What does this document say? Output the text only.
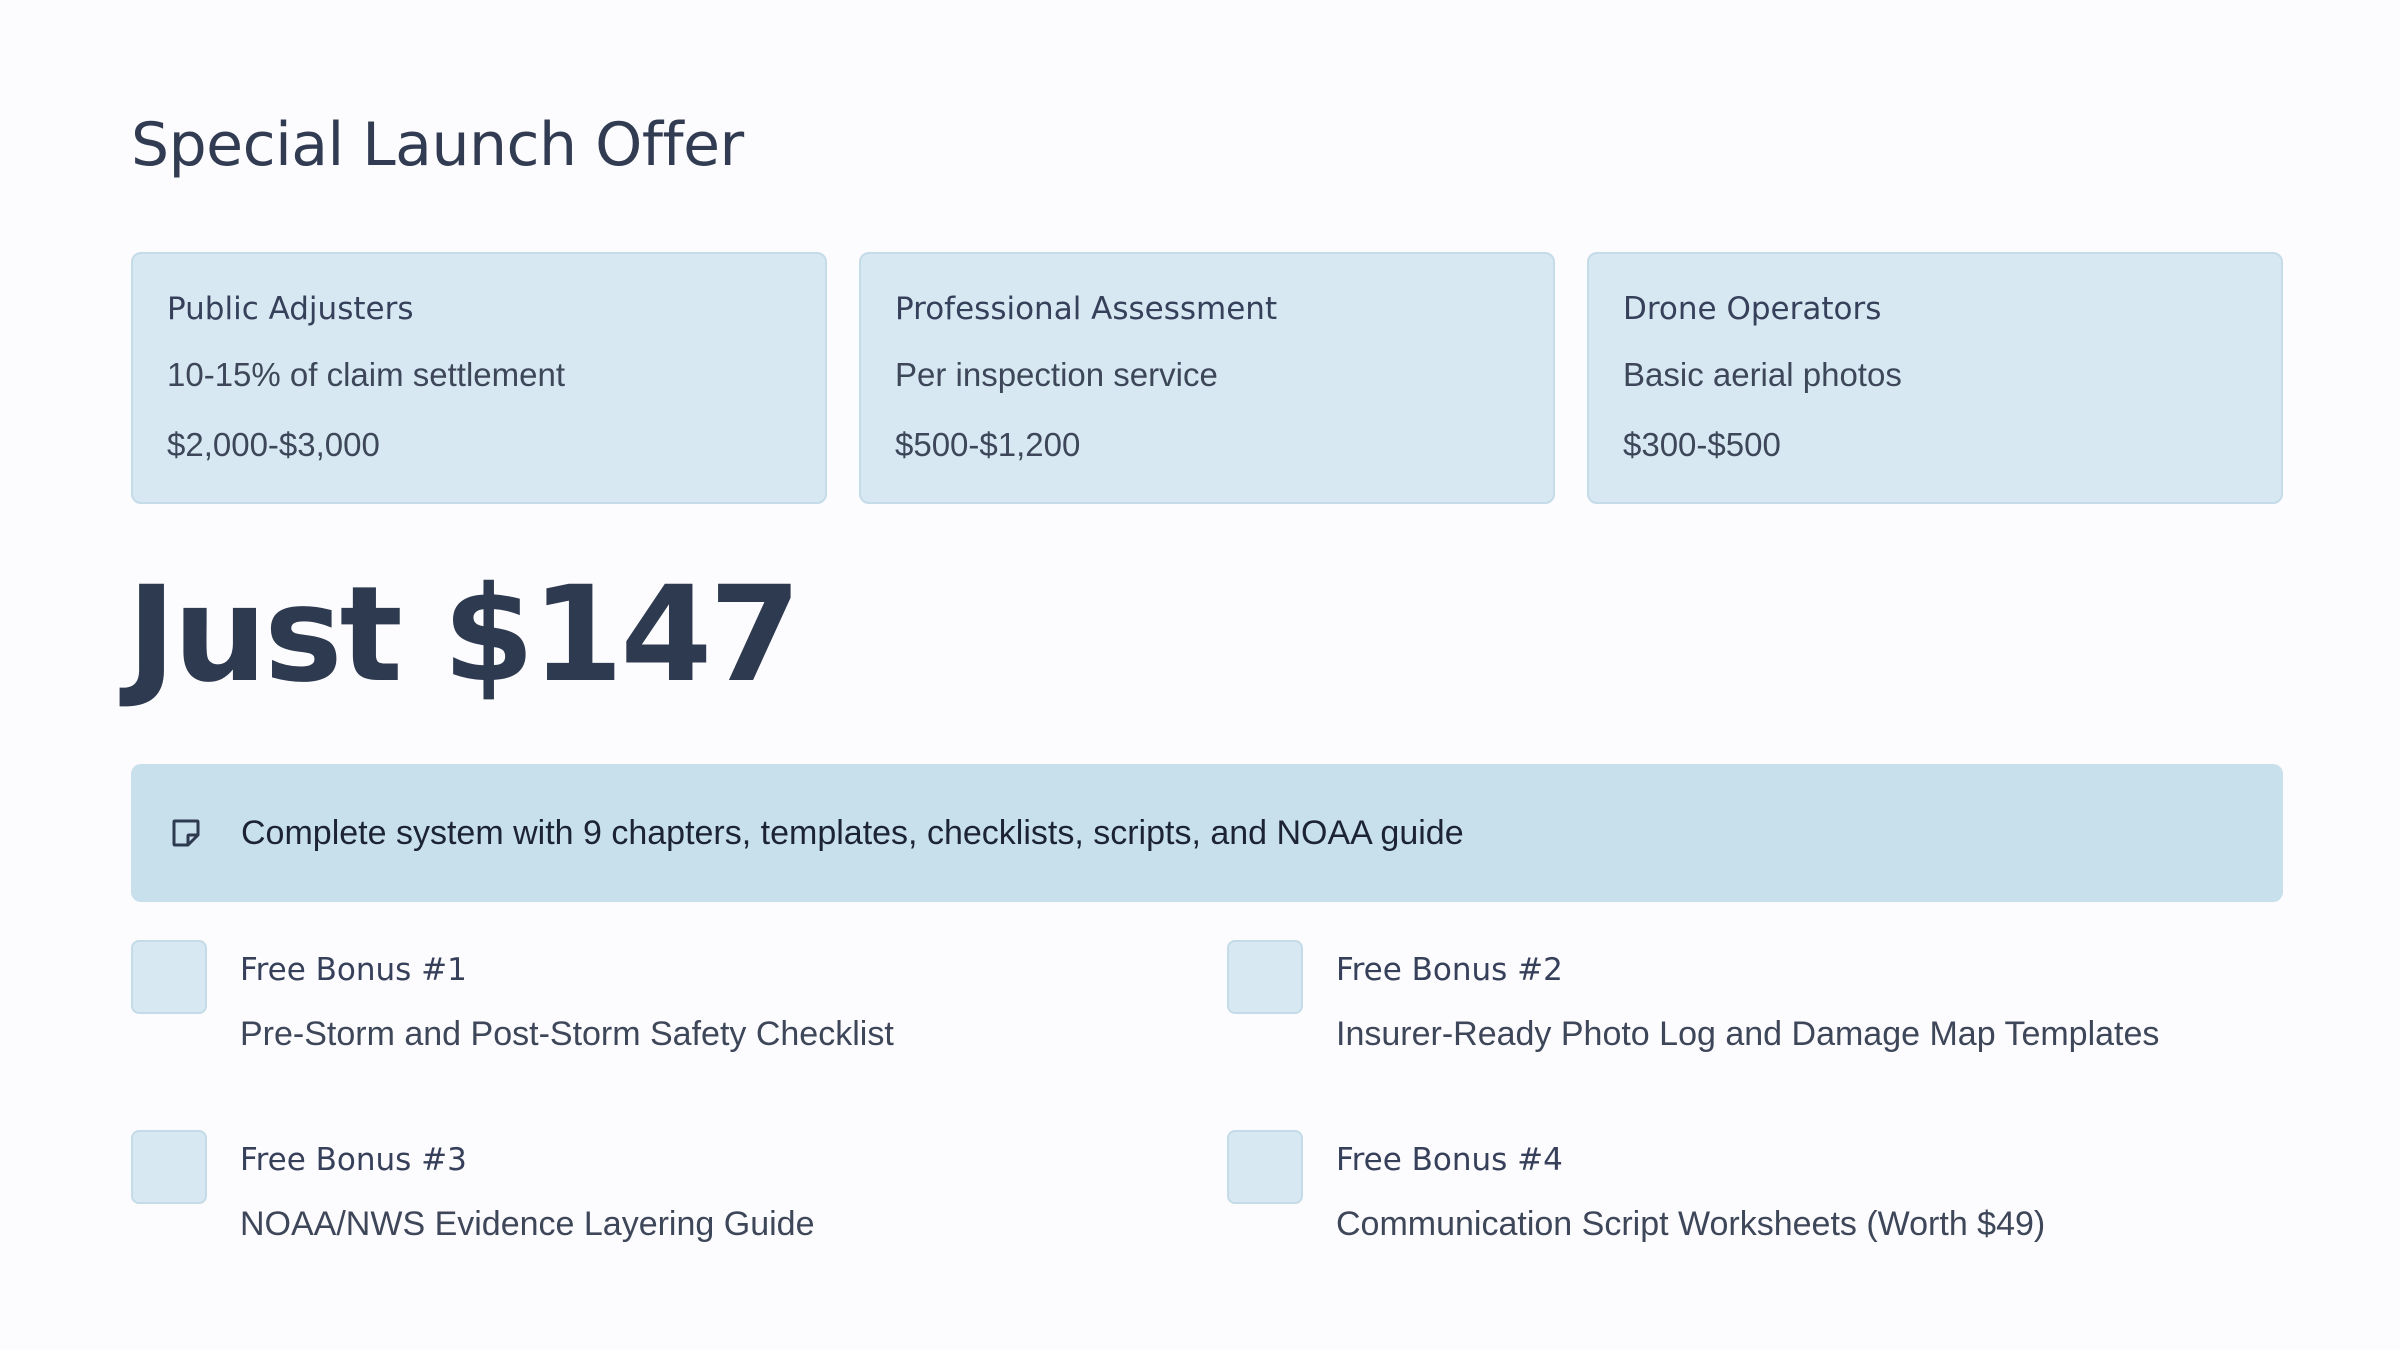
Special Launch Offer
Public Adjusters
10-15% of claim settlement
$2,000-$3,000
Professional Assessment
Per inspection service
$500-$1,200
Drone Operators
Basic aerial photos
$300-$500
Just $147
Complete system with 9 chapters, templates, checklists, scripts, and NOAA guide
Free Bonus #1
Pre-Storm and Post-Storm Safety Checklist
Free Bonus #2
Insurer-Ready Photo Log and Damage Map Templates
Free Bonus #3
NOAA/NWS Evidence Layering Guide
Free Bonus #4
Communication Script Worksheets (Worth $49)
